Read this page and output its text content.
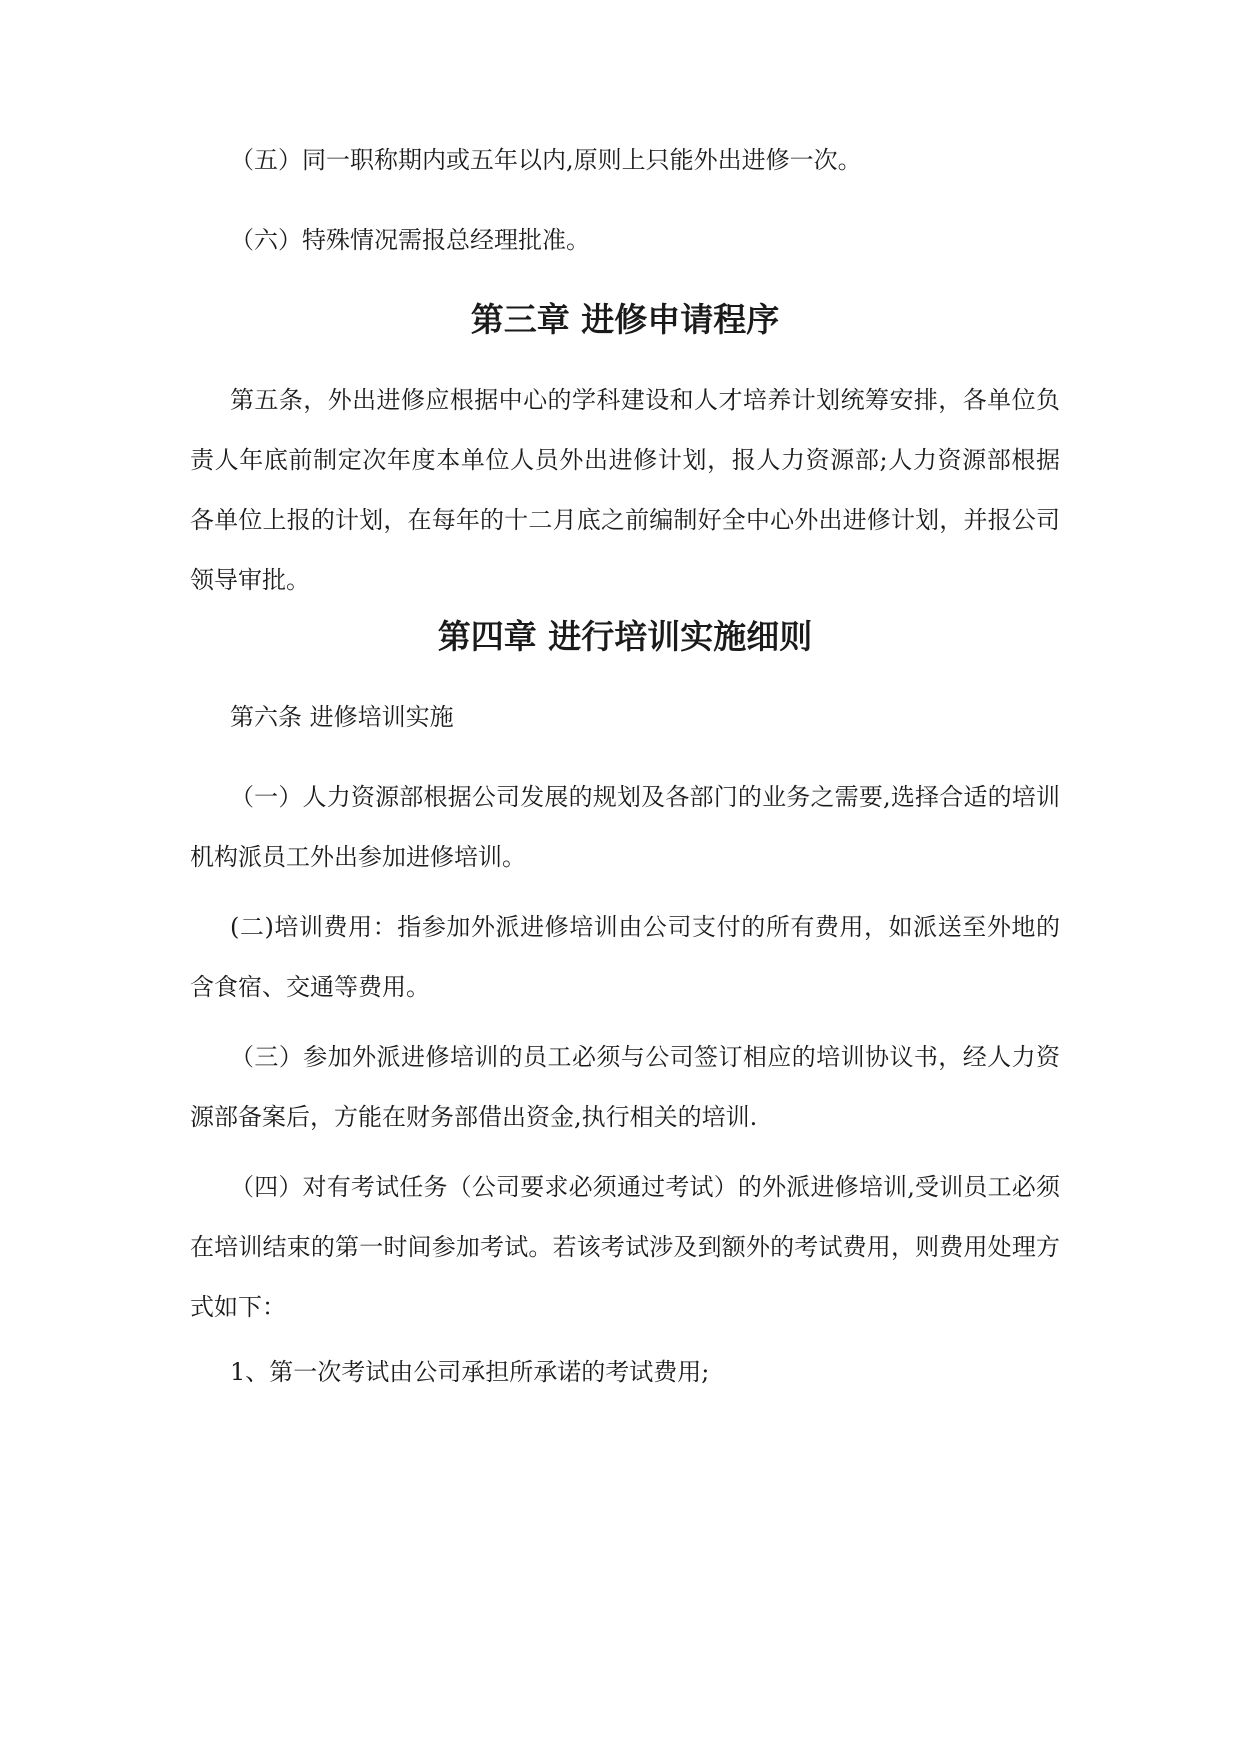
（五）同一职称期内或五年以内,原则上只能外出进修一次。

（六）特殊情况需报总经理批准。

第三章 进修申请程序

第五条，外出进修应根据中心的学科建设和人才培养计划统筹安排，各单位负责人年底前制定次年度本单位人员外出进修计划，报人力资源部;人力资源部根据各单位上报的计划，在每年的十二月底之前编制好全中心外出进修计划，并报公司领导审批。

第四章 进行培训实施细则

第六条 进修培训实施

（一）人力资源部根据公司发展的规划及各部门的业务之需要,选择合适的培训机构派员工外出参加进修培训。

(二)培训费用：指参加外派进修培训由公司支付的所有费用，如派送至外地的含食宿、交通等费用。

（三）参加外派进修培训的员工必须与公司签订相应的培训协议书，经人力资源部备案后，方能在财务部借出资金,执行相关的培训.

（四）对有考试任务（公司要求必须通过考试）的外派进修培训,受训员工必须在培训结束的第一时间参加考试。若该考试涉及到额外的考试费用，则费用处理方式如下：

1、第一次考试由公司承担所承诺的考试费用;
